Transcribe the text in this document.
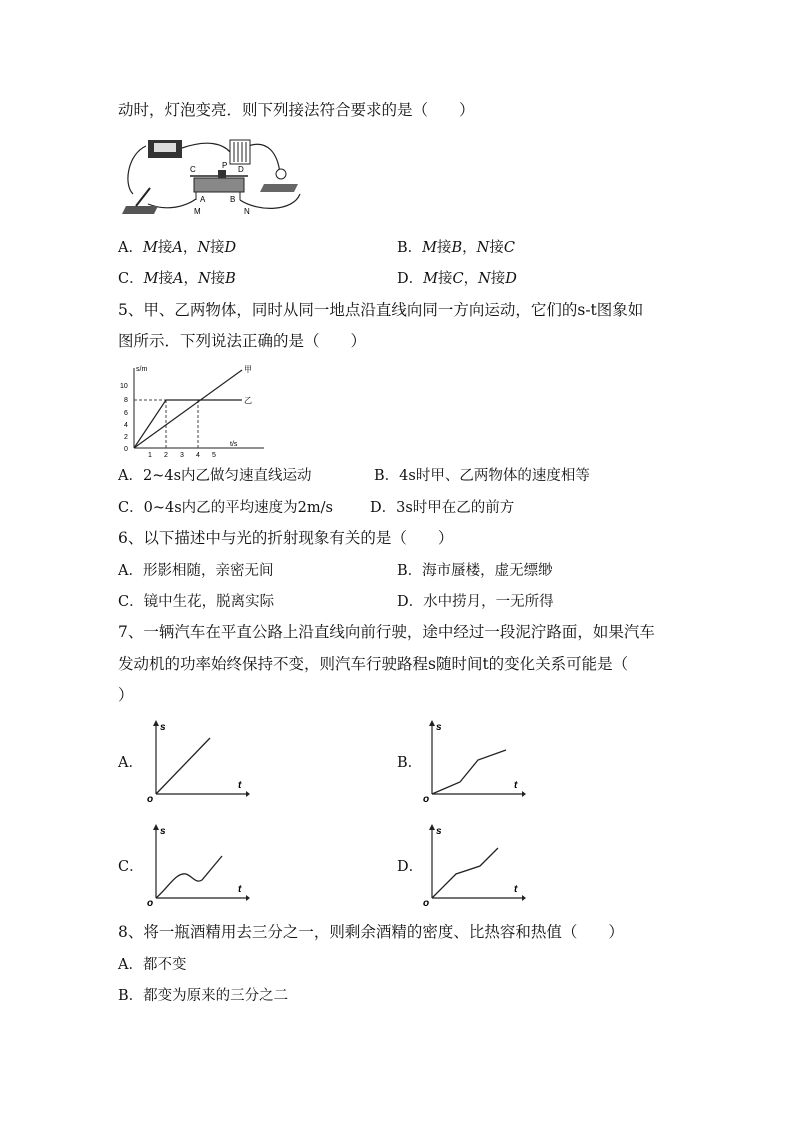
动时，灯泡变亮．则下列接法符合要求的是（　　）
C	P D
A	B
M	N
A．M接A，N接D	B．M接B，N接C
C．M接A，N接B	D．M接C，N接D
5、甲、乙两物体，同时从同一地点沿直线向同一方向运动，它们的s-t图象如
图所示．下列说法正确的是（　　）
s/m
t/s
10
8
6
4
2
0
1 2 3 4 5
甲
乙
A．2~4s内乙做匀速直线运动	B．4s时甲、乙两物体的速度相等
C．0~4s内乙的平均速度为2m/s	D．3s时甲在乙的前方
6、以下描述中与光的折射现象有关的是（　　）
A．形影相随，亲密无间	B．海市蜃楼，虚无缥缈
C．镜中生花，脱离实际	D．水中捞月，一无所得
7、一辆汽车在平直公路上沿直线向前行驶，途中经过一段泥泞路面，如果汽车
发动机的功率始终保持不变，则汽车行驶路程s随时间t的变化关系可能是（
）
A．	B．
C．	D．
s
t
o
s
t
o
s
t
o
s
t
o
8、将一瓶酒精用去三分之一，则剩余酒精的密度、比热容和热值（　　）
A．都不变
B．都变为原来的三分之二
